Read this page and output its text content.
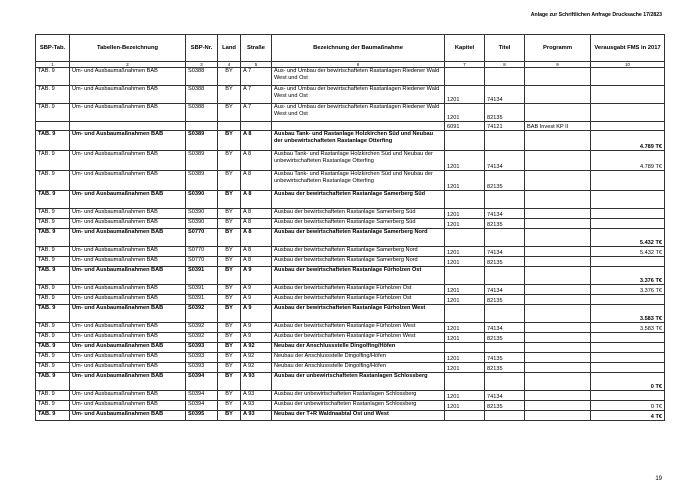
Anlage zur Schriftlichen Anfrage Drucksache 17/2823
SBP-Tab.	Tabellen-Bezeichnung	SBP-Nr.	Land	Straße	Bezeichnung der Baumaßnahme	Kapitel	Titel	Programm	Verausgabt FMS in 2017
1	2	3	4	5	6	7	8	9	10
TAB. 9	Um- und Ausbaumaßnahmen BAB	S0388	BY	A 7	Aus- und Umbau der bewirtschafteten Rastanlagen Riedener Wald West und Ost				
TAB. 9	Um- und Ausbaumaßnahmen BAB	S0388	BY	A 7	Aus- und Umbau der bewirtschafteten Rastanlagen Riedener Wald West und Ost	1201	74134		
TAB. 9	Um- und Ausbaumaßnahmen BAB	S0388	BY	A 7	Aus- und Umbau der bewirtschafteten Rastanlagen Riedener Wald West und Ost	1201	82135		
						6091	74121	BAB Invest KP II	
TAB. 9	Um- und Ausbaumaßnahmen BAB	S0389	BY	A 8	Ausbau Tank- und Rastanlage Holzkirchen Süd und Neubau der unbewirtschafteten Rastanlage Otterfing				4.789 T€
TAB. 9	Um- und Ausbaumaßnahmen BAB	S0389	BY	A 8	Ausbau Tank- und Rastanlage Holzkirchen Süd und Neubau der unbewirtschafteten Rastanlage Otterfing	1201	74134		4.789 T€
TAB. 9	Um- und Ausbaumaßnahmen BAB	S0389	BY	A 8	Ausbau Tank- und Rastanlage Holzkirchen Süd und Neubau der unbewirtschafteten Rastanlage Otterfing	1201	82135		
TAB. 9	Um- und Ausbaumaßnahmen BAB	S0390	BY	A 8	Ausbau der bewirtschafteten Rastanlage Samerberg Süd				
TAB. 9	Um- und Ausbaumaßnahmen BAB	S0390	BY	A 8	Ausbau der bewirtschafteten Rastanlage Samerberg Süd	1201	74134		
TAB. 9	Um- und Ausbaumaßnahmen BAB	S0390	BY	A 8	Ausbau der bewirtschafteten Rastanlage Samerberg Süd	1201	82135		
TAB. 9	Um- und Ausbaumaßnahmen BAB	S0770	BY	A 8	Ausbau der bewirtschafteten Rastanlage Samerberg Nord				5.432 T€
TAB. 9	Um- und Ausbaumaßnahmen BAB	S0770	BY	A 8	Ausbau der bewirtschafteten Rastanlage Samerberg Nord	1201	74134		5.432 T€
TAB. 9	Um- und Ausbaumaßnahmen BAB	S0770	BY	A 8	Ausbau der bewirtschafteten Rastanlage Samerberg Nord	1201	82135		
TAB. 9	Um- und Ausbaumaßnahmen BAB	S0391	BY	A 9	Ausbau der bewirtschafteten Rastanlage Fürholzen Ost				3.376 T€
TAB. 9	Um- und Ausbaumaßnahmen BAB	S0391	BY	A 9	Ausbau der bewirtschafteten Rastanlage Fürholzen Ost	1201	74134		3.376 T€
TAB. 9	Um- und Ausbaumaßnahmen BAB	S0391	BY	A 9	Ausbau der bewirtschafteten Rastanlage Fürholzen Ost	1201	82135		
TAB. 9	Um- und Ausbaumaßnahmen BAB	S0392	BY	A 9	Ausbau der bewirtschafteten Rastanlage Fürholzen West				3.583 T€
TAB. 9	Um- und Ausbaumaßnahmen BAB	S0392	BY	A 9	Ausbau der bewirtschafteten Rastanlage Fürholzen West	1201	74134		3.583 T€
TAB. 9	Um- und Ausbaumaßnahmen BAB	S0392	BY	A 9	Ausbau der bewirtschafteten Rastanlage Fürholzen West	1201	82135		
TAB. 9	Um- und Ausbaumaßnahmen BAB	S0393	BY	A 92	Neubau der Anschlussstelle Dingolfing/Höfen				
TAB. 9	Um- und Ausbaumaßnahmen BAB	S0393	BY	A 92	Neubau der Anschlussstelle Dingolfing/Höfen	1201	74135		
TAB. 9	Um- und Ausbaumaßnahmen BAB	S0393	BY	A 92	Neubau der Anschlussstelle Dingolfing/Höfen	1201	82135		
TAB. 9	Um- und Ausbaumaßnahmen BAB	S0394	BY	A 93	Ausbau der unbewirtschafteten Rastanlagen Schlossberg				0 T€
TAB. 9	Um- und Ausbaumaßnahmen BAB	S0394	BY	A 93	Ausbau der unbewirtschafteten Rastanlagen Schlossberg	1201	74134		
TAB. 9	Um- und Ausbaumaßnahmen BAB	S0394	BY	A 93	Ausbau der unbewirtschafteten Rastanlagen Schlossberg	1201	82135		0 T€
TAB. 9	Um- und Ausbaumaßnahmen BAB	S0395	BY	A 93	Neubau der T+R Waldnaabtal Ost und West				4 T€
19
